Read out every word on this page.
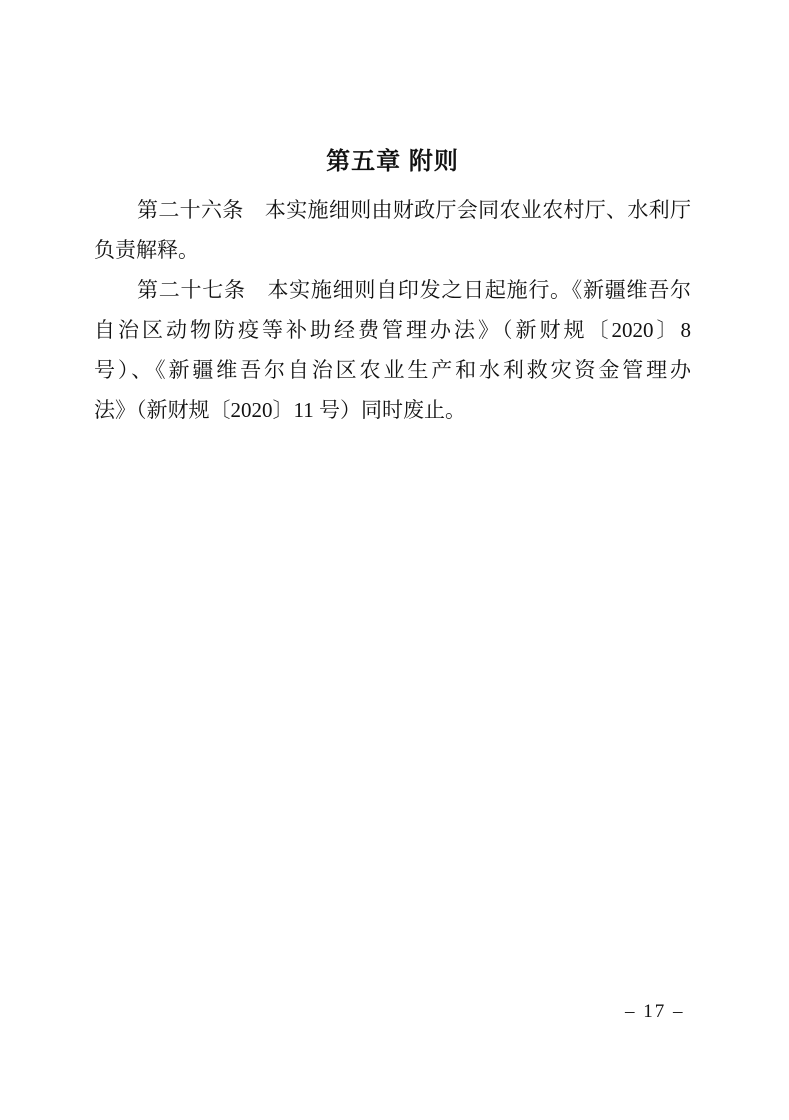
第五章 附则

第二十六条　本实施细则由财政厅会同农业农村厅、水利厅

负责解释。

第二十七条　本实施细则自印发之日起施行。《新疆维吾尔

自治区动物防疫等补助经费管理办法》（新财规〔2020〕8

号）、《新疆维吾尔自治区农业生产和水利救灾资金管理办

法》（新财规〔2020〕11 号）同时废止。

– 17 –
